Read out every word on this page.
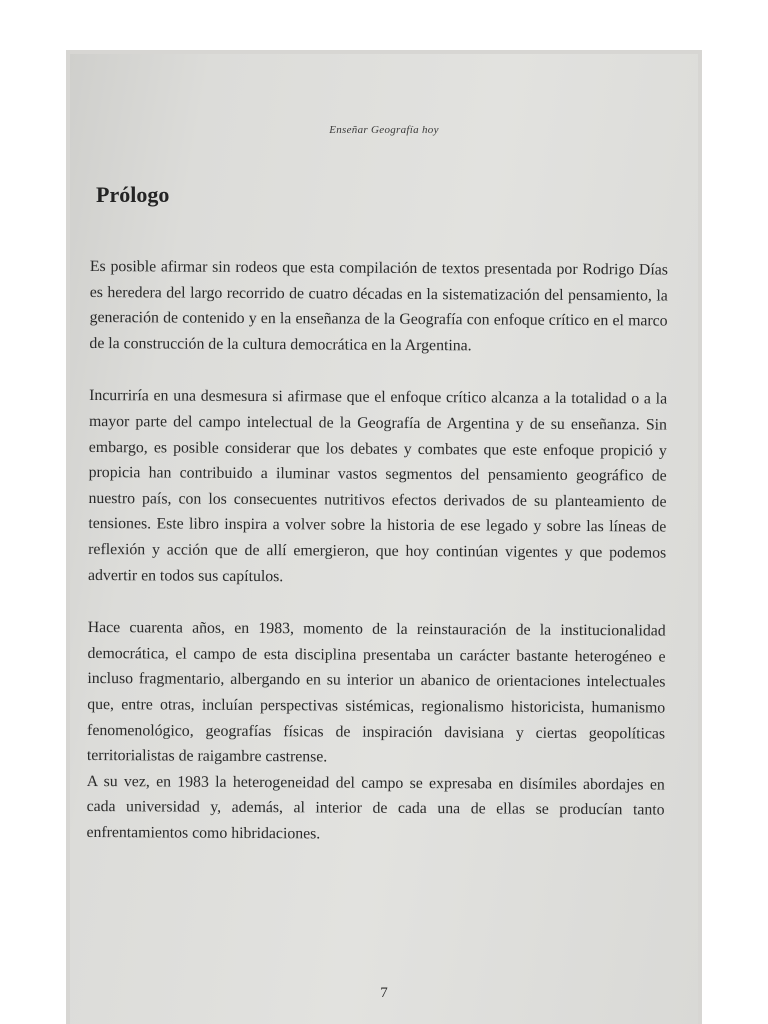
Enseñar Geografía hoy
Prólogo

Es posible afirmar sin rodeos que esta compilación de textos presentada por Rodrigo Días es heredera del largo recorrido de cuatro décadas en la sistematización del pensamiento, la generación de contenido y en la enseñanza de la Geografía con enfoque crítico en el marco de la construcción de la cultura democrática en la Argentina.

Incurriría en una desmesura si afirmase que el enfoque crítico alcanza a la totalidad o a la mayor parte del campo intelectual de la Geografía de Argentina y de su enseñanza. Sin embargo, es posible considerar que los debates y combates que este enfoque propició y propicia han contribuido a iluminar vastos segmentos del pensamiento geográfico de nuestro país, con los consecuentes nutritivos efectos derivados de su planteamiento de tensiones. Este libro inspira a volver sobre la historia de ese legado y sobre las líneas de reflexión y acción que de allí emergieron, que hoy continúan vigentes y que podemos advertir en todos sus capítulos.

Hace cuarenta años, en 1983, momento de la reinstauración de la institucionalidad democrática, el campo de esta disciplina presentaba un carácter bastante heterogéneo e incluso fragmentario, albergando en su interior un abanico de orientaciones intelectuales que, entre otras, incluían perspectivas sistémicas, regionalismo historicista, humanismo fenomenológico, geografías físicas de inspiración davisiana y ciertas geopolíticas territorialistas de raigambre castrense.

A su vez, en 1983 la heterogeneidad del campo se expresaba en disímiles abordajes en cada universidad y, además, al interior de cada una de ellas se producían tanto enfrentamientos como hibridaciones.

7
